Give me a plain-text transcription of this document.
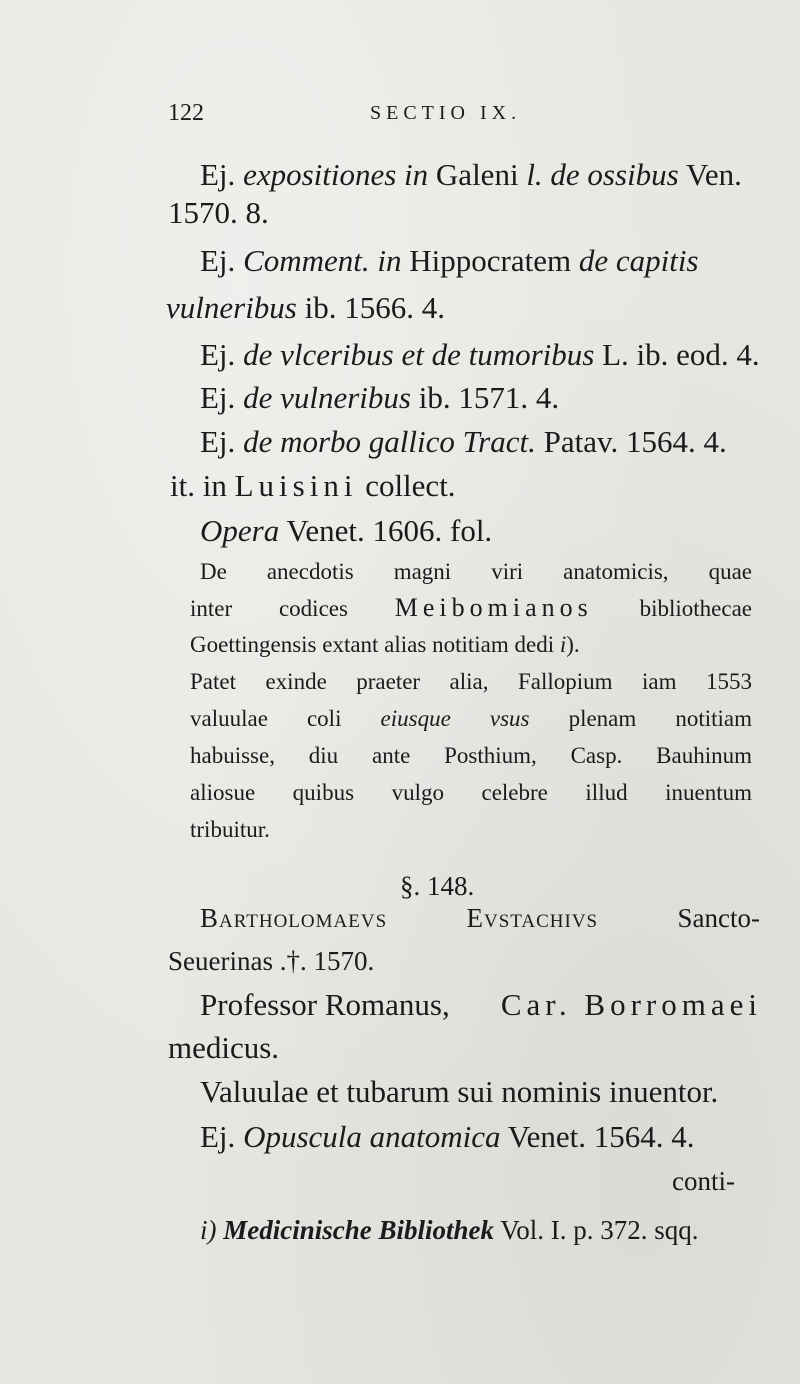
122	SECTIO IX.
Ej. expositiones in Galeni l. de ossibus Ven.
1570. 8.
Ej. Comment. in Hippocratem de capitis
vulneribus ib. 1566. 4.
Ej. de vlceribus et de tumoribus L. ib. eod. 4.
Ej. de vulneribus ib. 1571. 4.
Ej. de morbo gallico Tract. Patav. 1564. 4.
it. in Luisini collect.
Opera Venet. 1606. fol.
De anecdotis magni viri anatomicis, quae
inter codices Meibomianos bibliothecae
Goettingensis extant alias notitiam dedi i).
Patet exinde praeter alia, Fallopium iam 1553
valuulae coli eiusque vsus plenam notitiam
habuisse, diu ante Posthium, Casp. Bauhinum
aliosue quibus vulgo celebre illud inuentum
tribuitur.
§. 148.
Bartholomaevs	Evstachivs	Sancto-
Seuerinas .†. 1570.
Professor Romanus, Car. Borromaei
medicus.
Valuulae et tubarum sui nominis inuentor.
Ej. Opuscula anatomica Venet. 1564. 4.
conti-
i) Medicinische Bibliothek Vol. I. p. 372. sqq.
